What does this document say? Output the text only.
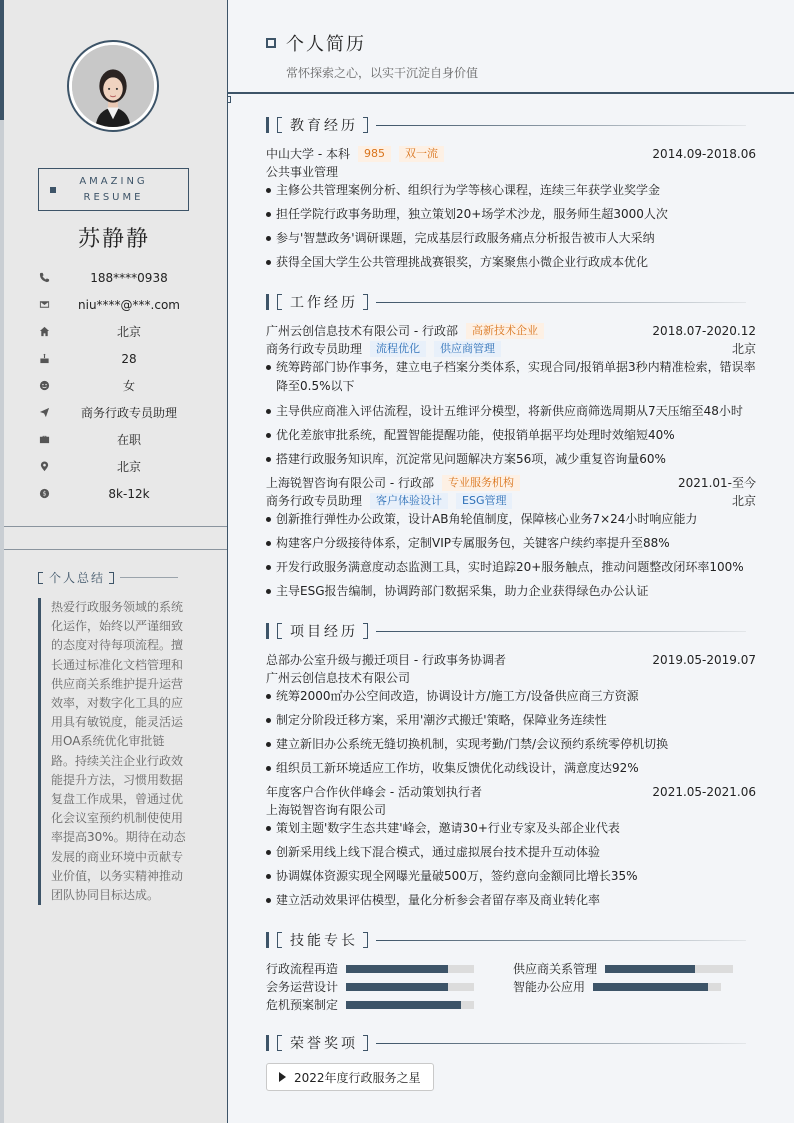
AMAZING
RESUME
苏静静
188****0938
niu****@***.com
北京
28
女
商务行政专员助理
在职
北京
$	8k-12k
个人总结
热爱行政服务领域的系统化运作，始终以严谨细致的态度对待每项流程。擅长通过标准化文档管理和供应商关系维护提升运营效率，对数字化工具的应用具有敏锐度，能灵活运用OA系统优化审批链路。持续关注企业行政效能提升方法，习惯用数据复盘工作成果，曾通过优化会议室预约机制使使用率提高30%。期待在动态发展的商业环境中贡献专业价值，以务实精神推动团队协同目标达成。
个人简历
常怀探索之心，以实干沉淀自身价值
教育经历
中山大学 - 本科	985	双一流	2014.09-2018.06
公共事业管理
主修公共管理案例分析、组织行为学等核心课程，连续三年获学业奖学金
担任学院行政事务助理，独立策划20+场学术沙龙，服务师生超3000人次
参与'智慧政务'调研课题，完成基层行政服务痛点分析报告被市人大采纳
获得全国大学生公共管理挑战赛银奖，方案聚焦小微企业行政成本优化
工作经历
广州云创信息技术有限公司 - 行政部	高新技术企业	2018.07-2020.12
商务行政专员助理	流程优化	供应商管理	北京
统筹跨部门协作事务，建立电子档案分类体系，实现合同/报销单据3秒内精准检索，错误率降至0.5%以下
主导供应商准入评估流程，设计五维评分模型，将新供应商筛选周期从7天压缩至48小时
优化差旅审批系统，配置智能提醒功能，使报销单据平均处理时效缩短40%
搭建行政服务知识库，沉淀常见问题解决方案56项，减少重复咨询量60%
上海锐智咨询有限公司 - 行政部	专业服务机构	2021.01-至今
商务行政专员助理	客户体验设计	ESG管理	北京
创新推行弹性办公政策，设计AB角轮值制度，保障核心业务7×24小时响应能力
构建客户分级接待体系，定制VIP专属服务包，关键客户续约率提升至88%
开发行政服务满意度动态监测工具，实时追踪20+服务触点，推动问题整改闭环率100%
主导ESG报告编制，协调跨部门数据采集，助力企业获得绿色办公认证
项目经历
总部办公室升级与搬迁项目 - 行政事务协调者	2019.05-2019.07
广州云创信息技术有限公司
统筹2000㎡办公空间改造，协调设计方/施工方/设备供应商三方资源
制定分阶段迁移方案，采用'潮汐式搬迁'策略，保障业务连续性
建立新旧办公系统无缝切换机制，实现考勤/门禁/会议预约系统零停机切换
组织员工新环境适应工作坊，收集反馈优化动线设计，满意度达92%
年度客户合作伙伴峰会 - 活动策划执行者	2021.05-2021.06
上海锐智咨询有限公司
策划主题'数字生态共建'峰会，邀请30+行业专家及头部企业代表
创新采用线上线下混合模式，通过虚拟展台技术提升互动体验
协调媒体资源实现全网曝光量破500万，签约意向金额同比增长35%
建立活动效果评估模型，量化分析参会者留存率及商业转化率
技能专长
行政流程再造	供应商关系管理
会务运营设计	智能办公应用
危机预案制定
荣誉奖项
2022年度行政服务之星
